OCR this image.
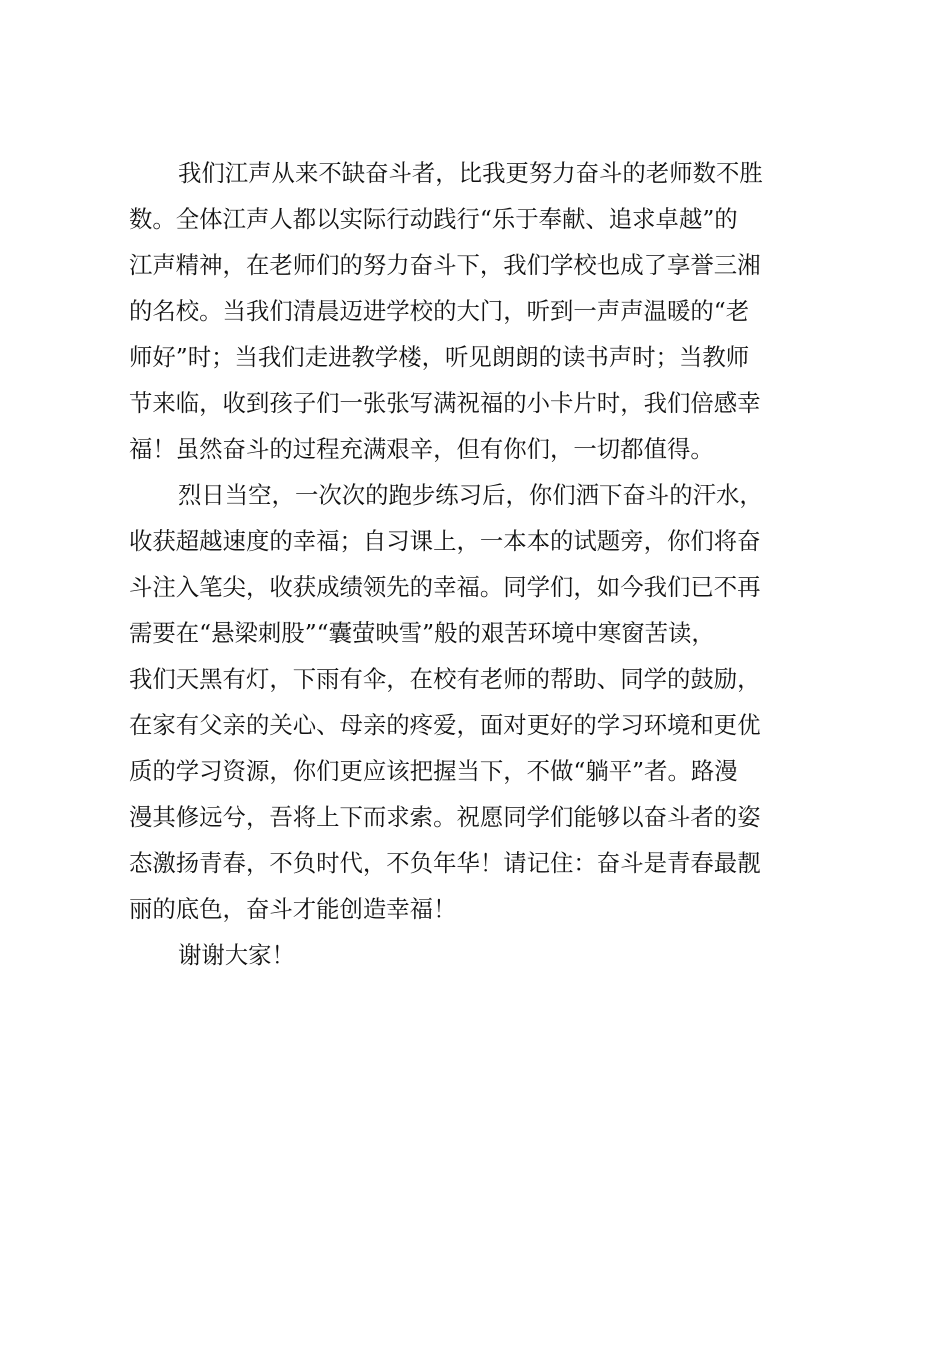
我们江声从来不缺奋斗者，比我更努力奋斗的老师数不胜
数。全体江声人都以实际行动践行“乐于奉献、追求卓越”的
江声精神，在老师们的努力奋斗下，我们学校也成了享誉三湘
的名校。当我们清晨迈进学校的大门，听到一声声温暖的“老
师好”时；当我们走进教学楼，听见朗朗的读书声时；当教师
节来临，收到孩子们一张张写满祝福的小卡片时，我们倍感幸
福！虽然奋斗的过程充满艰辛，但有你们，一切都值得。
烈日当空，一次次的跑步练习后，你们洒下奋斗的汗水，
收获超越速度的幸福；自习课上，一本本的试题旁，你们将奋
斗注入笔尖，收获成绩领先的幸福。同学们，如今我们已不再
需要在“悬梁刺股”“囊萤映雪”般的艰苦环境中寒窗苦读，
我们天黑有灯，下雨有伞，在校有老师的帮助、同学的鼓励，
在家有父亲的关心、母亲的疼爱，面对更好的学习环境和更优
质的学习资源，你们更应该把握当下，不做“躺平”者。路漫
漫其修远兮，吾将上下而求索。祝愿同学们能够以奋斗者的姿
态激扬青春，不负时代，不负年华！请记住：奋斗是青春最靓
丽的底色，奋斗才能创造幸福！
谢谢大家！
